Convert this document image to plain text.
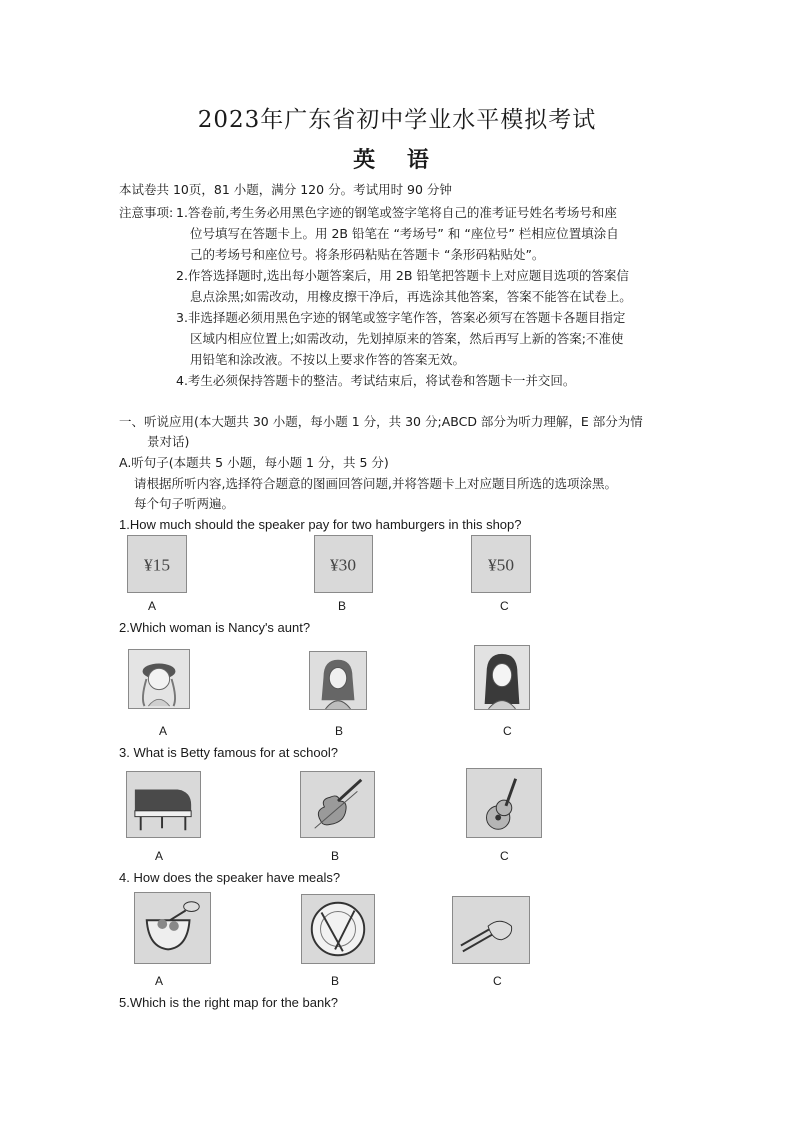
2023年广东省初中学业水平模拟考试
英 语
本试卷共 10页，81 小题，满分 120 分。考试用时 90 分钟
注意事项: 1.答卷前,考生务必用黑色字迹的钢笔或签字笔将自己的准考证号姓名考场号和座
位号填写在答题卡上。用 2B 铅笔在 “考场号” 和 “座位号” 栏相应位置填涂自
己的考场号和座位号。将条形码粘贴在答题卡 “条形码粘贴处”。
2.作答选择题时,选出每小题答案后，用 2B 铅笔把答题卡上对应题目选项的答案信
息点涂黑;如需改动，用橡皮擦干净后，再选涂其他答案，答案不能答在试卷上。
3.非选择题必须用黑色字迹的钢笔或签字笔作答，答案必须写在答题卡各题目指定
区域内相应位置上;如需改动，先划掉原来的答案，然后再写上新的答案;不准使
用铅笔和涂改液。不按以上要求作答的答案无效。
4.考生必须保持答题卡的整洁。考试结束后，将试卷和答题卡一并交回。
一、听说应用(本大题共 30 小题，每小题 1 分，共 30 分;ABCD 部分为听力理解，E 部分为情
景对话)
A.听句子(本题共 5 小题，每小题 1 分，共 5 分)
请根据所听内容,选择符合题意的图画回答问题,并将答题卡上对应题目所选的选项涂黑。
每个句子听两遍。
1.How much should the speaker pay for two hamburgers in this shop?
¥15	¥30	¥50
A	B	C
2.Which woman is Nancy's aunt?
A	B	C
3. What is Betty famous for at school?
A	B	C
4. How does the speaker have meals?
A	B	C
5.Which is the right map for the bank?
